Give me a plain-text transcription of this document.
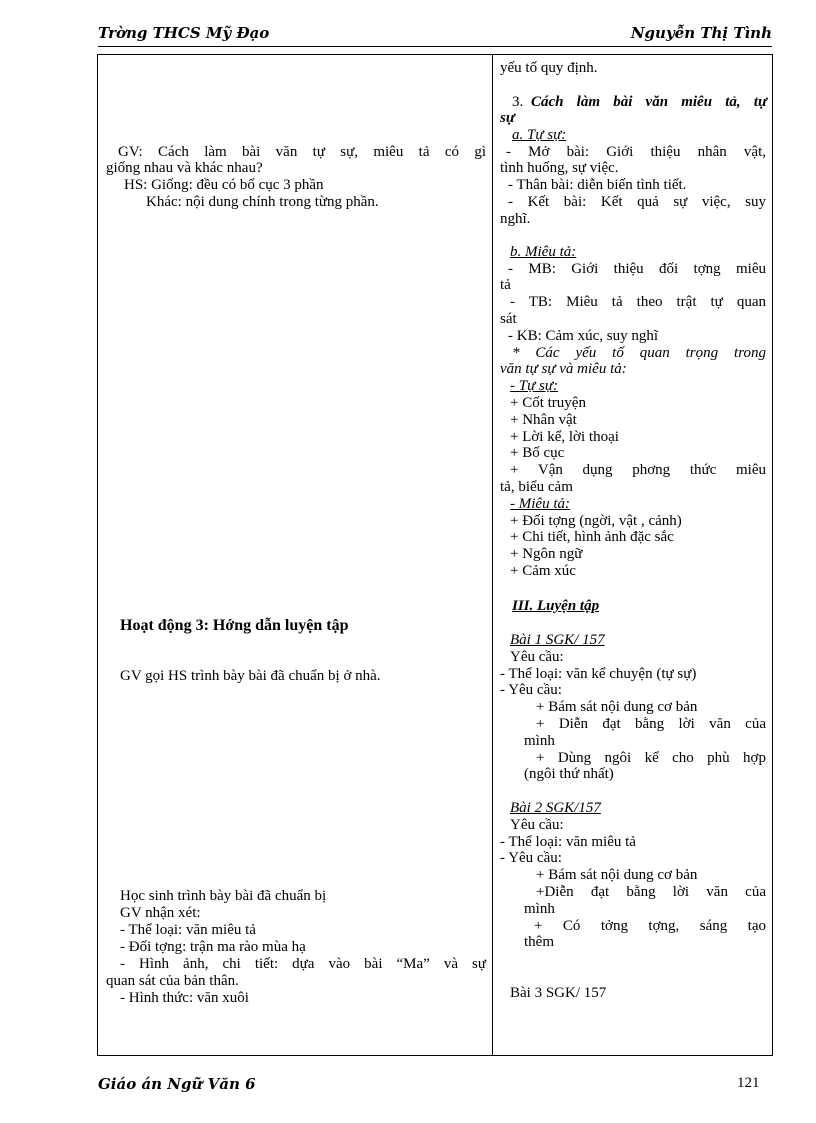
Trờng THCS Mỹ Đạo	Nguyễn Thị Tình
GV: Cách làm bài văn tự sự, miêu tả có gì
giống nhau và khác nhau?
HS: Giống: đều có bố cục 3 phần
Khác: nội dung chính trong từng phần.
Hoạt động 3: Hớng dẫn luyện tập
GV gọi HS trình bày bài đã chuẩn bị ở nhà.
Học sinh trình bày bài đã chuẩn bị
GV nhận xét:
- Thể loại: văn miêu tả
- Đối tợng: trận ma rào mùa hạ
- Hình ảnh, chi tiết: dựa vào bài “Ma” và sự
quan sát của bản thân.
- Hình thức: văn xuôi
yếu tố quy định.
3. Cách làm bài văn miêu tả, tự
sự
a. Tự sự:
- Mở bài: Giới thiệu nhân vật,
tình huống, sự việc.
- Thân bài: diễn biến tình tiết.
- Kết bài: Kết quả sự việc, suy
nghĩ.
b. Miêu tả:
- MB: Giới thiệu đối tợng miêu
tả
- TB: Miêu tả theo trật tự quan
sát
- KB: Cảm xúc, suy nghĩ
* Các yếu tố quan trọng trong
văn tự sự và miêu tả:
- Tự sự:
+ Cốt truyện
+ Nhân vật
+ Lời kể, lời thoại
+ Bố cục
+ Vận dụng phơng thức miêu
tả, biểu cảm
- Miêu tả:
+ Đối tợng (ngời, vật , cảnh)
+ Chi tiết, hình ảnh đặc sắc
+ Ngôn ngữ
+ Cảm xúc
III. Luyện tập
Bài 1 SGK/ 157
Yêu cầu:
- Thể loại: văn kể chuyện (tự sự)
- Yêu cầu:
+ Bám sát nội dung cơ bản
+ Diễn đạt bằng lời văn của
mình
+ Dùng ngôi kể cho phù hợp
(ngôi thứ nhất)
Bài 2 SGK/157
Yêu cầu:
- Thể loại: văn miêu tả
- Yêu cầu:
+ Bám sát nội dung cơ bản
+Diễn đạt bằng lời văn của
mình
+ Có tởng tợng, sáng tạo
thêm
Bài 3 SGK/ 157
Giáo án Ngữ Văn 6	121
